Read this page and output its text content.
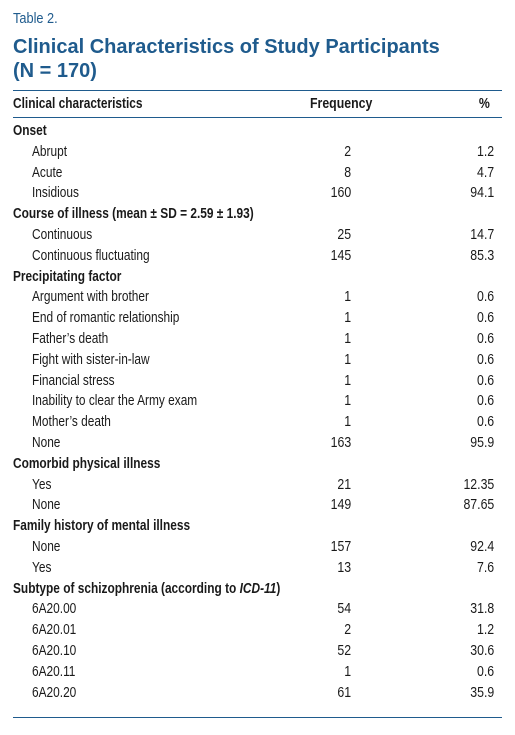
Table 2.
Clinical Characteristics of Study Participants
(N = 170)
Clinical characteristics	Frequency	%
Onset
Abrupt	2	1.2
Acute	8	4.7
Insidious	160	94.1
Course of illness (mean ± SD = 2.59 ± 1.93)
Continuous	25	14.7
Continuous fluctuating	145	85.3
Precipitating factor
Argument with brother	1	0.6
End of romantic relationship	1	0.6
Father’s death	1	0.6
Fight with sister-in-law	1	0.6
Financial stress	1	0.6
Inability to clear the Army exam	1	0.6
Mother’s death	1	0.6
None	163	95.9
Comorbid physical illness
Yes	21	12.35
None	149	87.65
Family history of mental illness
None	157	92.4
Yes	13	7.6
Subtype of schizophrenia (according to ICD-11)
6A20.00	54	31.8
6A20.01	2	1.2
6A20.10	52	30.6
6A20.11	1	0.6
6A20.20	61	35.9
